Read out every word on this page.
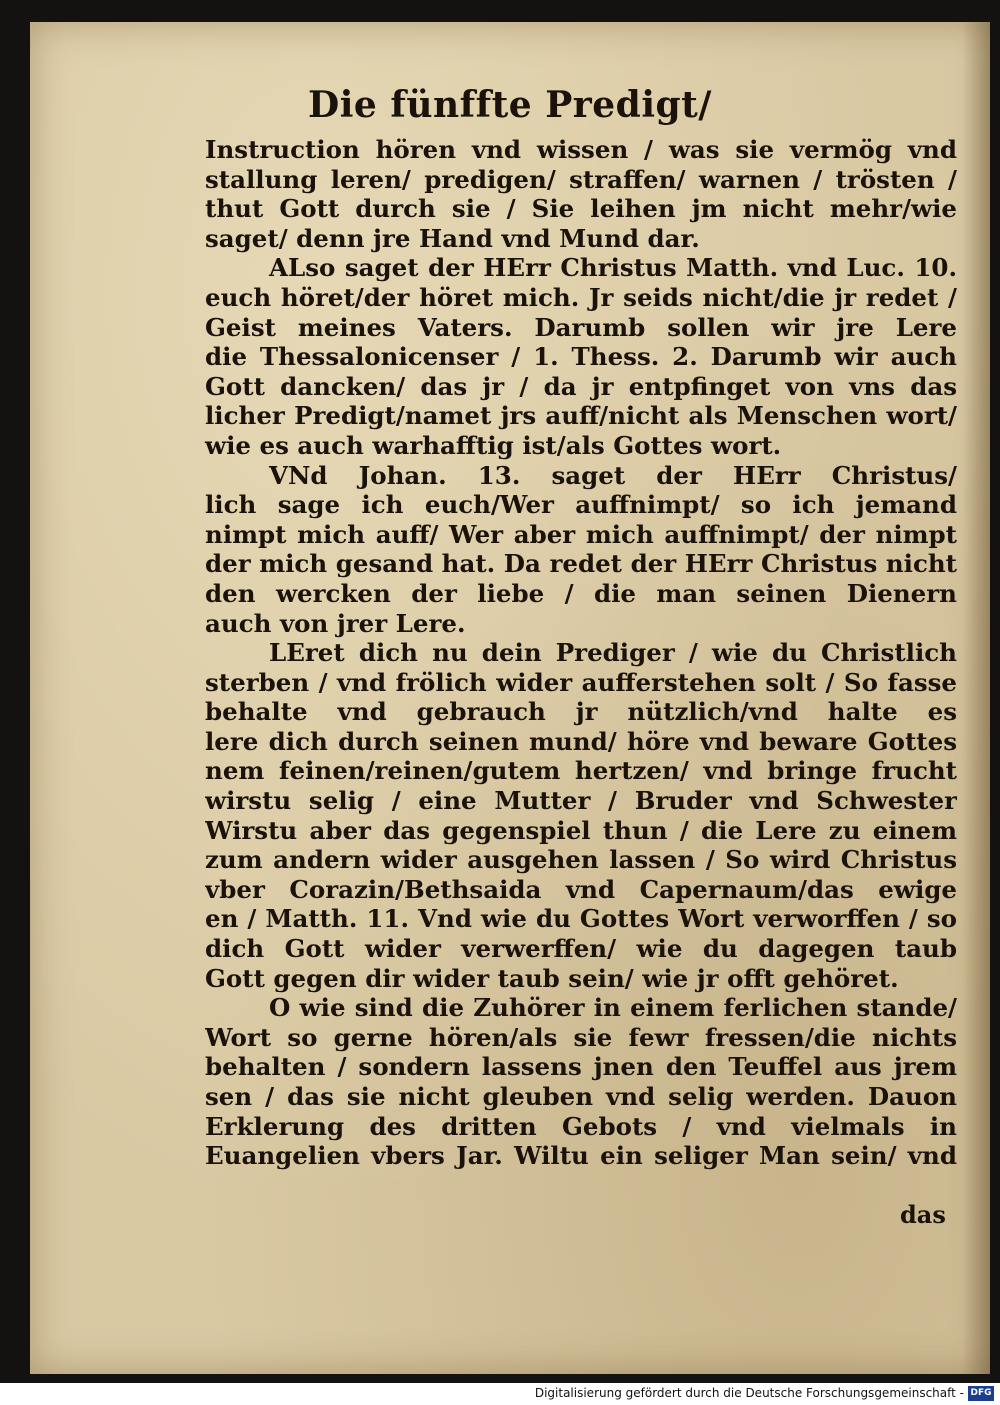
Die fünffte Predigt/
Instruction hören vnd wissen / was sie vermög vnd
stallung leren/ predigen/ straffen/ warnen / trösten /
thut Gott durch sie / Sie leihen jm nicht mehr/wie
saget/ denn jre Hand vnd Mund dar.
ALso saget der HErr Christus Matth. vnd Luc. 10.
euch höret/der höret mich. Jr seids nicht/die jr redet /
Geist meines Vaters. Darumb sollen wir jre Lere
die Thessalonicenser / 1. Thess. 2. Darumb wir auch
Gott dancken/ das jr / da jr entpfinget von vns das
licher Predigt/namet jrs auff/nicht als Menschen wort/
wie es auch warhafftig ist/als Gottes wort.
VNd Johan. 13. saget der HErr Christus/
lich sage ich euch/Wer auffnimpt/ so ich jemand
nimpt mich auff/ Wer aber mich auffnimpt/ der nimpt
der mich gesand hat. Da redet der HErr Christus nicht
den wercken der liebe / die man seinen Dienern
auch von jrer Lere.
LEret dich nu dein Prediger / wie du Christlich
sterben / vnd frölich wider aufferstehen solt / So fasse
behalte vnd gebrauch jr nützlich/vnd halte es
lere dich durch seinen mund/ höre vnd beware Gottes
nem feinen/reinen/gutem hertzen/ vnd bringe frucht
wirstu selig / eine Mutter / Bruder vnd Schwester
Wirstu aber das gegenspiel thun / die Lere zu einem
zum andern wider ausgehen lassen / So wird Christus
vber Corazin/Bethsaida vnd Capernaum/das ewige
en / Matth. 11. Vnd wie du Gottes Wort verworffen / so
dich Gott wider verwerffen/ wie du dagegen taub
Gott gegen dir wider taub sein/ wie jr offt gehöret.
O wie sind die Zuhörer in einem ferlichen stande/
Wort so gerne hören/als sie fewr fressen/die nichts
behalten / sondern lassens jnen den Teuffel aus jrem
sen / das sie nicht gleuben vnd selig werden. Dauon
Erklerung des dritten Gebots / vnd vielmals in
Euangelien vbers Jar. Wiltu ein seliger Man sein/ vnd
das
Digitalisierung gefördert durch die Deutsche Forschungsgemeinschaft - DFG
